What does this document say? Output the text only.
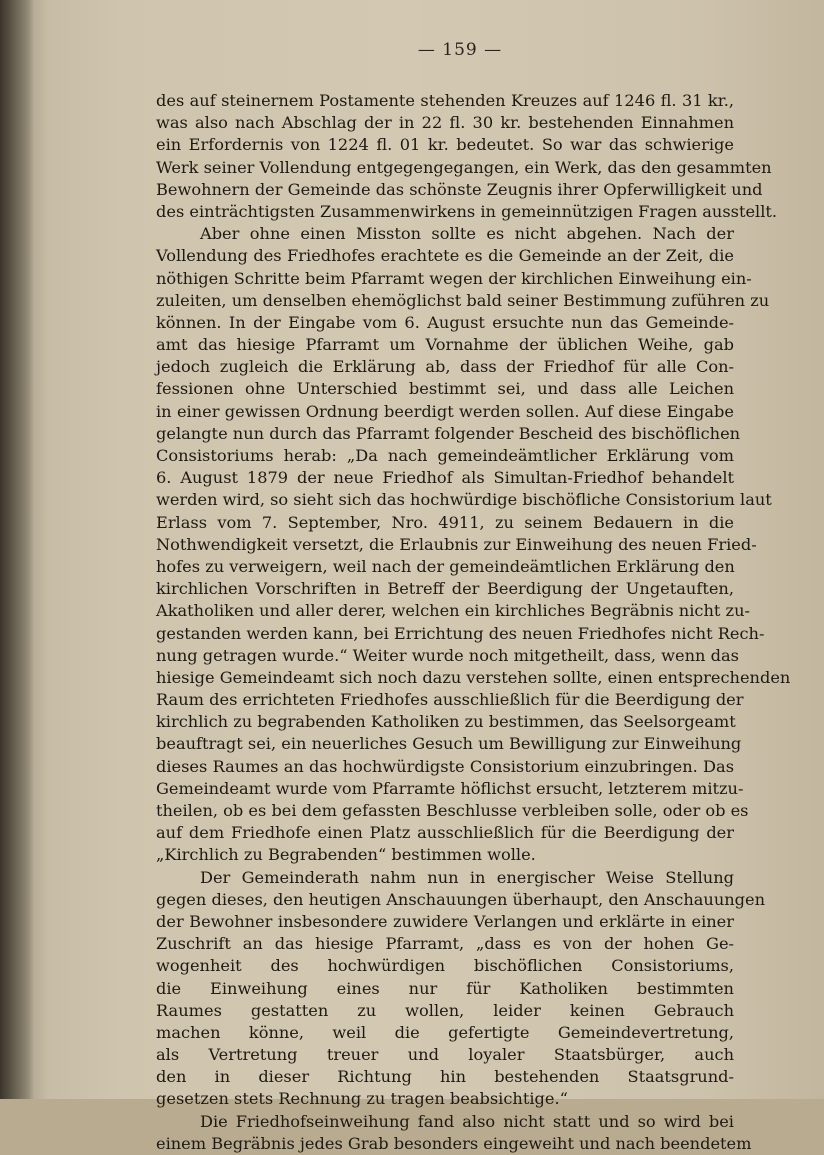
— 159 —
des auf steinernem Postamente stehenden Kreuzes auf 1246 fl. 31 kr.,
was also nach Abschlag der in 22 fl. 30 kr. bestehenden Einnahmen
ein Erfordernis von 1224 fl. 01 kr. bedeutet. So war das schwierige
Werk seiner Vollendung entgegengegangen, ein Werk, das den gesammten
Bewohnern der Gemeinde das schönste Zeugnis ihrer Opferwilligkeit und
des einträchtigsten Zusammenwirkens in gemeinnützigen Fragen ausstellt.
Aber ohne einen Misston sollte es nicht abgehen. Nach der
Vollendung des Friedhofes erachtete es die Gemeinde an der Zeit, die
nöthigen Schritte beim Pfarramt wegen der kirchlichen Einweihung ein-
zuleiten, um denselben ehemöglichst bald seiner Bestimmung zuführen zu
können. In der Eingabe vom 6. August ersuchte nun das Gemeinde-
amt das hiesige Pfarramt um Vornahme der üblichen Weihe, gab
jedoch zugleich die Erklärung ab, dass der Friedhof für alle Con-
fessionen ohne Unterschied bestimmt sei, und dass alle Leichen
in einer gewissen Ordnung beerdigt werden sollen. Auf diese Eingabe
gelangte nun durch das Pfarramt folgender Bescheid des bischöflichen
Consistoriums herab: „Da nach gemeindeämtlicher Erklärung vom
6. August 1879 der neue Friedhof als Simultan-Friedhof behandelt
werden wird, so sieht sich das hochwürdige bischöfliche Consistorium laut
Erlass vom 7. September, Nro. 4911, zu seinem Bedauern in die
Nothwendigkeit versetzt, die Erlaubnis zur Einweihung des neuen Fried-
hofes zu verweigern, weil nach der gemeindeämtlichen Erklärung den
kirchlichen Vorschriften in Betreff der Beerdigung der Ungetauften,
Akatholiken und aller derer, welchen ein kirchliches Begräbnis nicht zu-
gestanden werden kann, bei Errichtung des neuen Friedhofes nicht Rech-
nung getragen wurde.“ Weiter wurde noch mitgetheilt, dass, wenn das
hiesige Gemeindeamt sich noch dazu verstehen sollte, einen entsprechenden
Raum des errichteten Friedhofes ausschließlich für die Beerdigung der
kirchlich zu begrabenden Katholiken zu bestimmen, das Seelsorgeamt
beauftragt sei, ein neuerliches Gesuch um Bewilligung zur Einweihung
dieses Raumes an das hochwürdigste Consistorium einzubringen. Das
Gemeindeamt wurde vom Pfarramte höflichst ersucht, letzterem mitzu-
theilen, ob es bei dem gefassten Beschlusse verbleiben solle, oder ob es
auf dem Friedhofe einen Platz ausschließlich für die Beerdigung der
„Kirchlich zu Begrabenden“ bestimmen wolle.
Der Gemeinderath nahm nun in energischer Weise Stellung
gegen dieses, den heutigen Anschauungen überhaupt, den Anschauungen
der Bewohner insbesondere zuwidere Verlangen und erklärte in einer
Zuschrift an das hiesige Pfarramt, „dass es von der hohen Ge-
wogenheit des hochwürdigen bischöflichen Consistoriums,
die Einweihung eines nur für Katholiken bestimmten
Raumes gestatten zu wollen, leider keinen Gebrauch
machen könne, weil die gefertigte Gemeindevertretung,
als Vertretung treuer und loyaler Staatsbürger, auch
den in dieser Richtung hin bestehenden Staatsgrund-
gesetzen stets Rechnung zu tragen beabsichtige.“
Die Friedhofseinweihung fand also nicht statt und so wird bei
einem Begräbnis jedes Grab besonders eingeweiht und nach beendetem
